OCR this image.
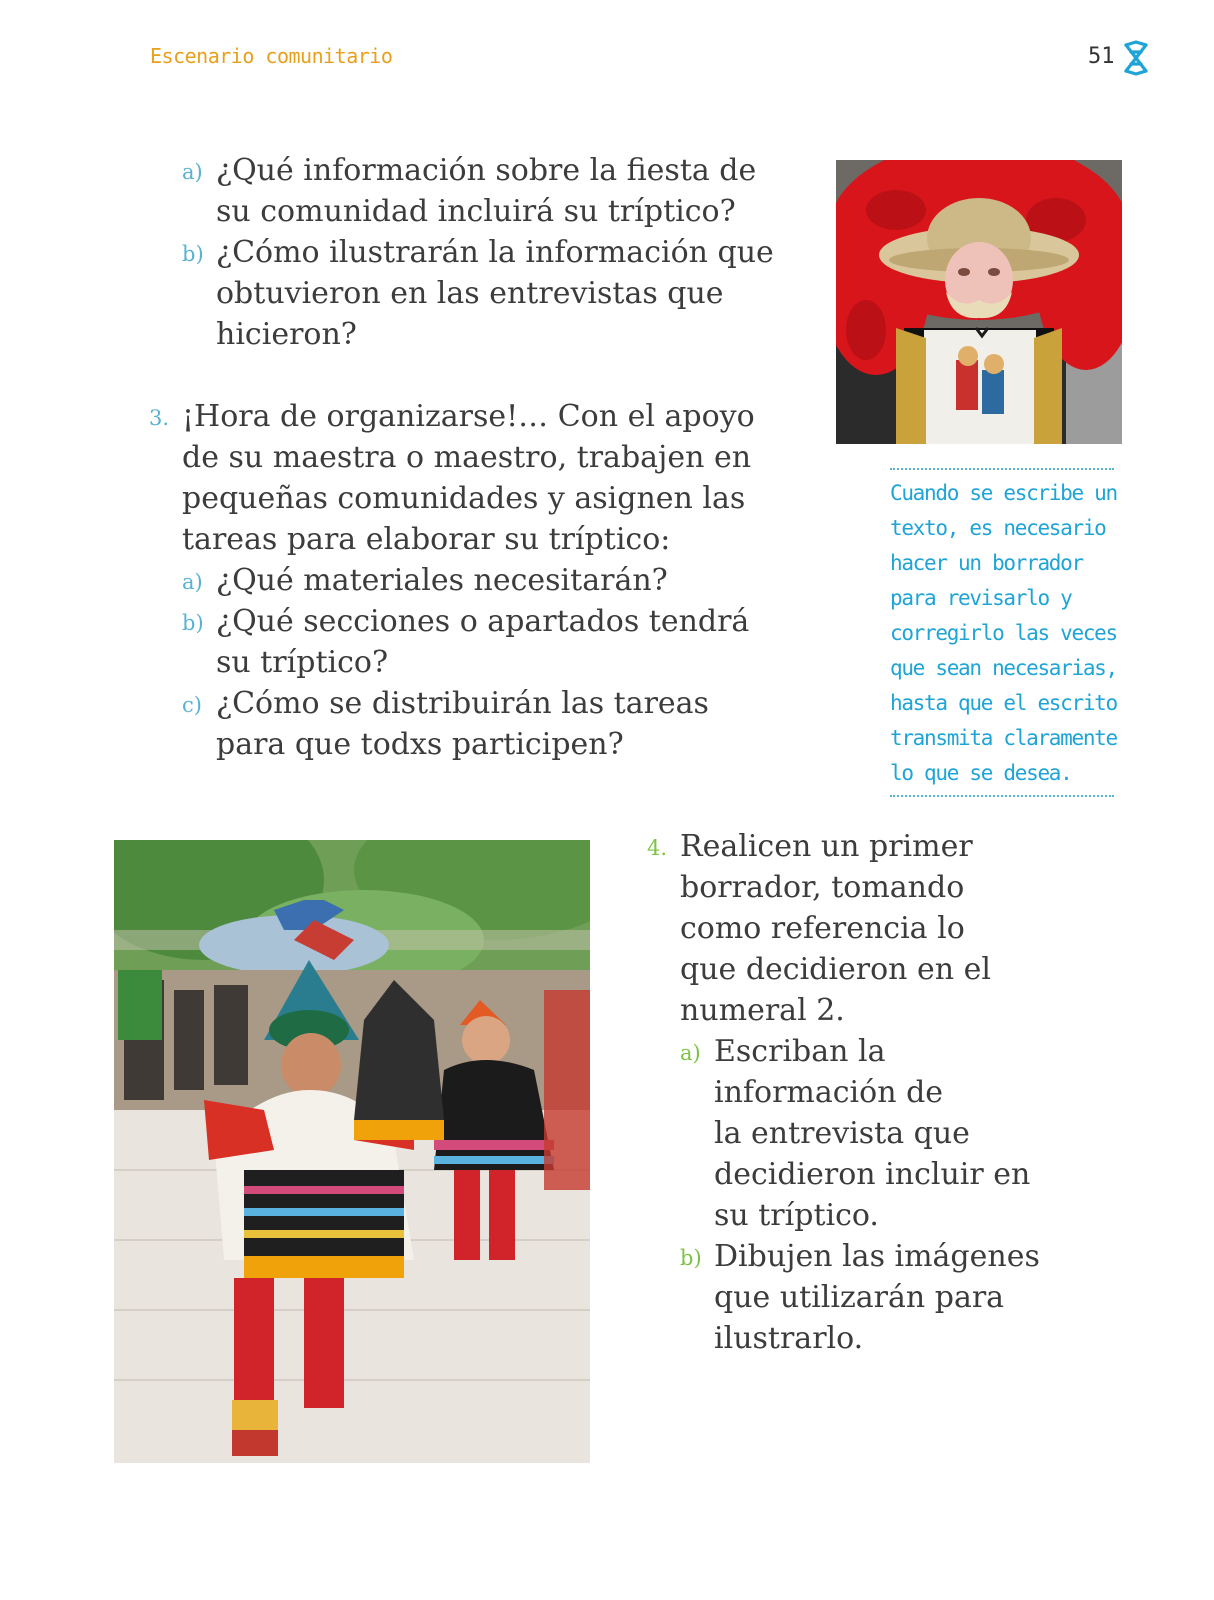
Escenario comunitario	51
a) ¿Qué información sobre la fiesta de
su comunidad incluirá su tríptico?
b) ¿Cómo ilustrarán la información que
obtuvieron en las entrevistas que
hicieron?
3. ¡Hora de organizarse!… Con el apoyo
de su maestra o maestro, trabajen en
pequeñas comunidades y asignen las
tareas para elaborar su tríptico:
a) ¿Qué materiales necesitarán?
b) ¿Qué secciones o apartados tendrá
su tríptico?
c) ¿Cómo se distribuirán las tareas
para que todxs participen?
Cuando se escribe un
texto, es necesario
hacer un borrador
para revisarlo y
corregirlo las veces
que sean necesarias,
hasta que el escrito
transmita claramente
lo que se desea.
4. Realicen un primer
borrador, tomando
como referencia lo
que decidieron en el
numeral 2.
a) Escriban la
información de
la entrevista que
decidieron incluir en
su tríptico.
b) Dibujen las imágenes
que utilizarán para
ilustrarlo.
